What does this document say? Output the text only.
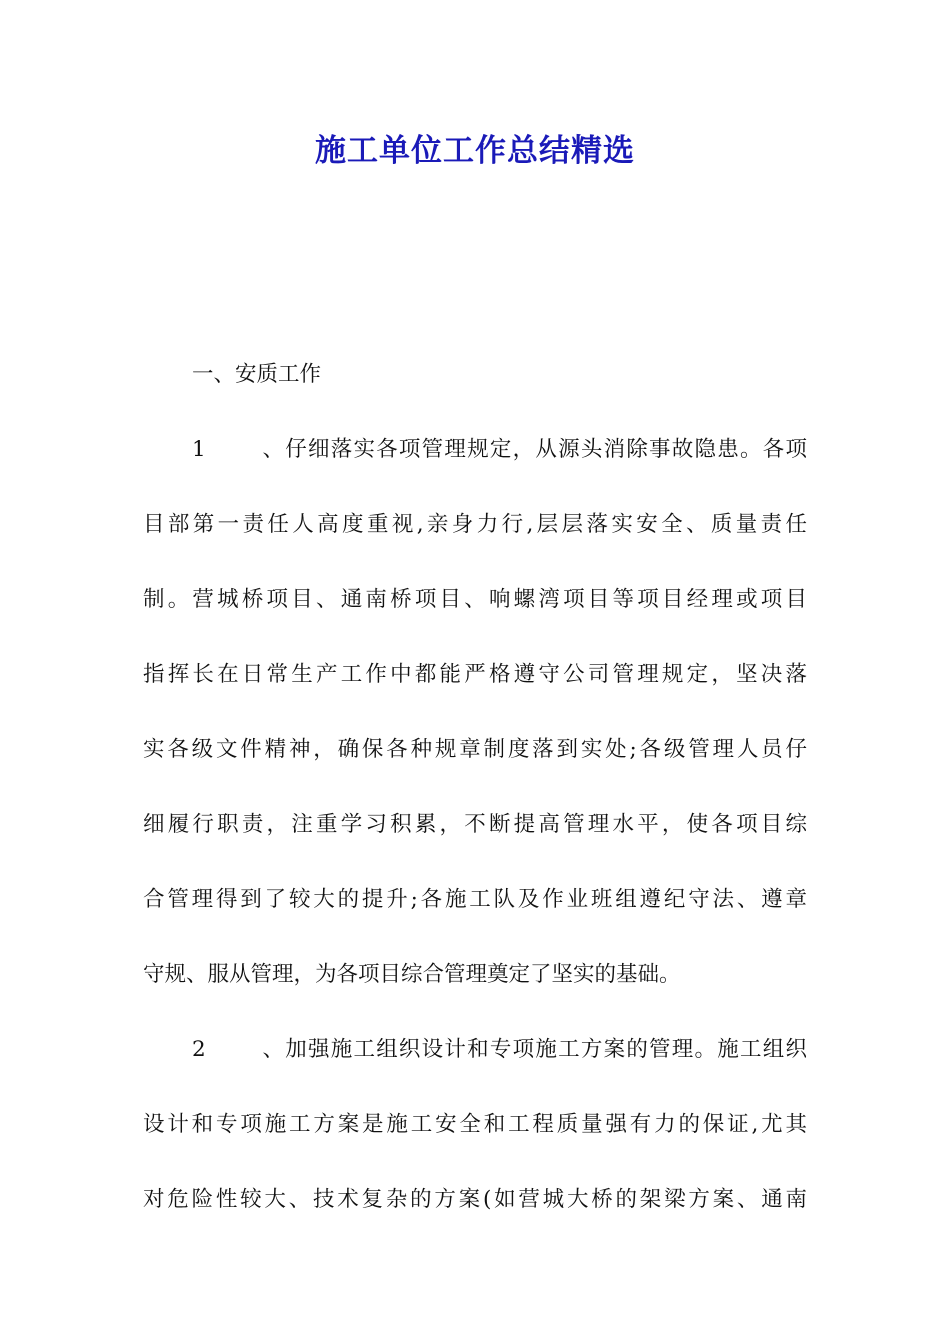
施工单位工作总结精选
一、安质工作
1、仔细落实各项管理规定，从源头消除事故隐患。各项
目部第一责任人高度重视,亲身力行,层层落实安全、质量责任
制。营城桥项目、通南桥项目、响螺湾项目等项目经理或项目
指挥长在日常生产工作中都能严格遵守公司管理规定，坚决落
实各级文件精神，确保各种规章制度落到实处;各级管理人员仔
细履行职责，注重学习积累，不断提高管理水平，使各项目综
合管理得到了较大的提升;各施工队及作业班组遵纪守法、遵章
守规、服从管理，为各项目综合管理奠定了坚实的基础。
2、加强施工组织设计和专项施工方案的管理。施工组织
设计和专项施工方案是施工安全和工程质量强有力的保证,尤其
对危险性较大、技术复杂的方案(如营城大桥的架梁方案、通南
